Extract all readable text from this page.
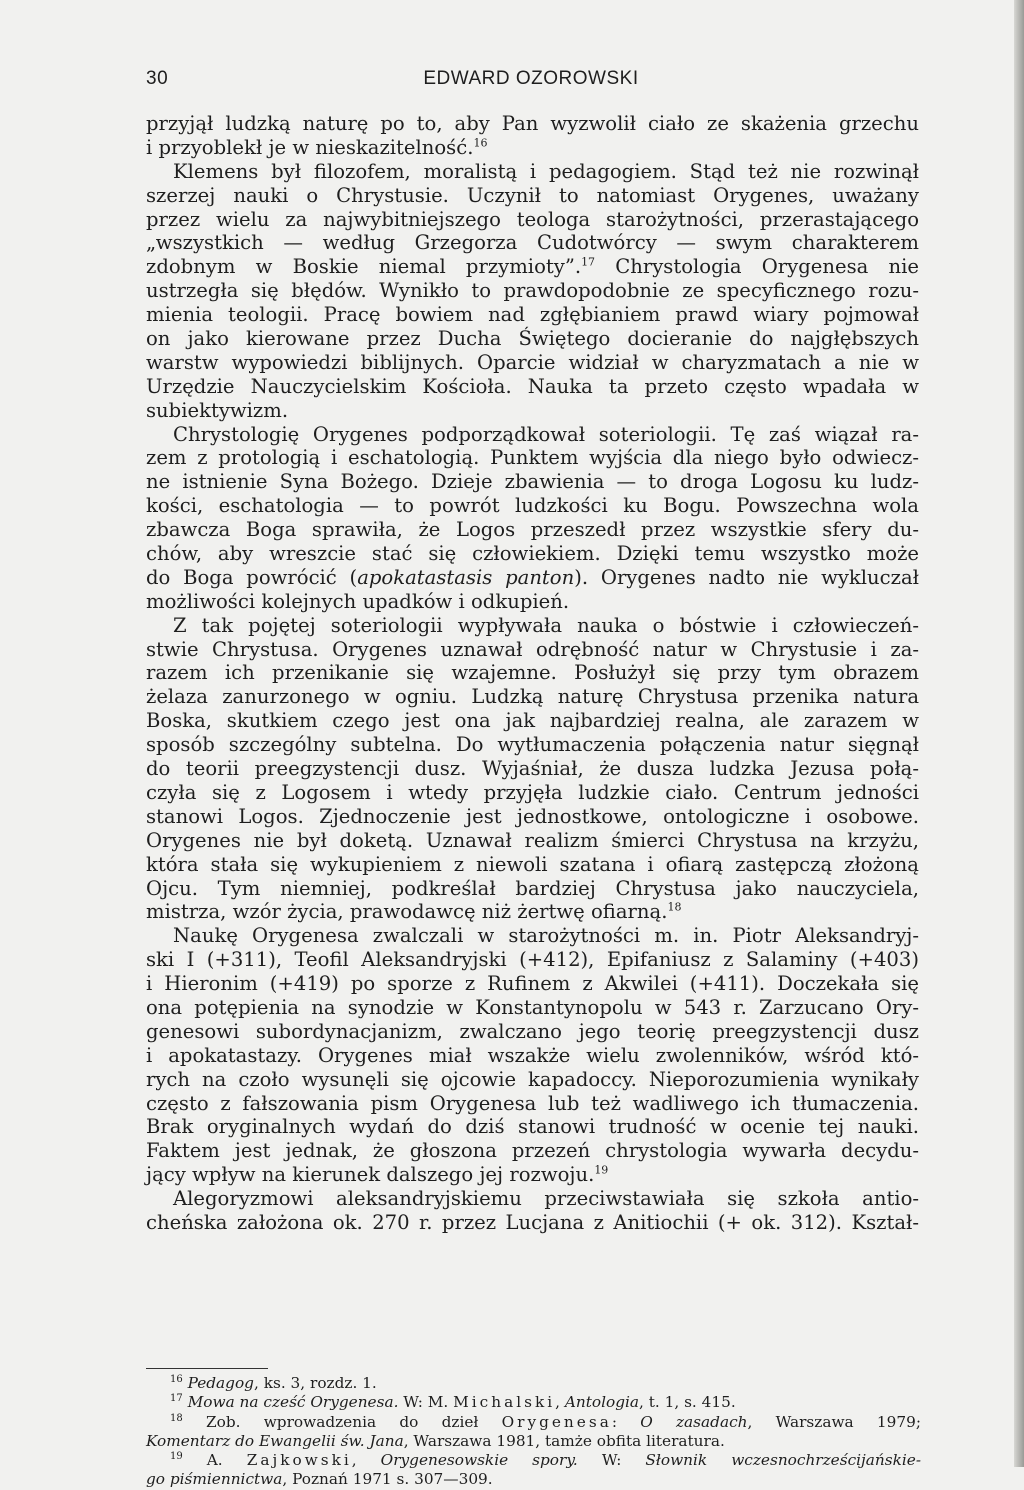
30	EDWARD OZOROWSKI
przyjął ludzką naturę po to, aby Pan wyzwolił ciało ze skażenia grzechu
i przyoblekł je w nieskazitelność.$^{16}$
Klemens był filozofem, moralistą i pedagogiem. Stąd też nie rozwinął
szerzej nauki o Chrystusie. Uczynił to natomiast Orygenes, uważany
przez wielu za najwybitniejszego teologa starożytności, przerastającego
„wszystkich — według Grzegorza Cudotwórcy — swym charakterem
zdobnym w Boskie niemal przymioty”.$^{17}$ Chrystologia Orygenesa nie
ustrzegła się błędów. Wynikło to prawdopodobnie ze specyficznego rozu-
mienia teologii. Pracę bowiem nad zgłębianiem prawd wiary pojmował
on jako kierowane przez Ducha Świętego docieranie do najgłębszych
warstw wypowiedzi biblijnych. Oparcie widział w charyzmatach a nie w
Urzędzie Nauczycielskim Kościoła. Nauka ta przeto często wpadała w
subiektywizm.
Chrystologię Orygenes podporządkował soteriologii. Tę zaś wiązał ra-
zem z protologią i eschatologią. Punktem wyjścia dla niego było odwiecz-
ne istnienie Syna Bożego. Dzieje zbawienia — to droga Logosu ku ludz-
kości, eschatologia — to powrót ludzkości ku Bogu. Powszechna wola
zbawcza Boga sprawiła, że Logos przeszedł przez wszystkie sfery du-
chów, aby wreszcie stać się człowiekiem. Dzięki temu wszystko może
do Boga powrócić (apokatastasis panton). Orygenes nadto nie wykluczał
możliwości kolejnych upadków i odkupień.
Z tak pojętej soteriologii wypływała nauka o bóstwie i człowieczeń-
stwie Chrystusa. Orygenes uznawał odrębność natur w Chrystusie i za-
razem ich przenikanie się wzajemne. Posłużył się przy tym obrazem
żelaza zanurzonego w ogniu. Ludzką naturę Chrystusa przenika natura
Boska, skutkiem czego jest ona jak najbardziej realna, ale zarazem w
sposób szczególny subtelna. Do wytłumaczenia połączenia natur sięgnął
do teorii preegzystencji dusz. Wyjaśniał, że dusza ludzka Jezusa połą-
czyła się z Logosem i wtedy przyjęła ludzkie ciało. Centrum jedności
stanowi Logos. Zjednoczenie jest jednostkowe, ontologiczne i osobowe.
Orygenes nie był doketą. Uznawał realizm śmierci Chrystusa na krzyżu,
która stała się wykupieniem z niewoli szatana i ofiarą zastępczą złożoną
Ojcu. Tym niemniej, podkreślał bardziej Chrystusa jako nauczyciela,
mistrza, wzór życia, prawodawcę niż żertwę ofiarną.$^{18}$
Naukę Orygenesa zwalczali w starożytności m. in. Piotr Aleksandryj-
ski I (+311), Teofil Aleksandryjski (+412), Epifaniusz z Salaminy (+403)
i Hieronim (+419) po sporze z Rufinem z Akwilei (+411). Doczekała się
ona potępienia na synodzie w Konstantynopolu w 543 r. Zarzucano Ory-
genesowi subordynacjanizm, zwalczano jego teorię preegzystencji dusz
i apokatastazy. Orygenes miał wszakże wielu zwolenników, wśród któ-
rych na czoło wysunęli się ojcowie kapadoccy. Nieporozumienia wynikały
często z fałszowania pism Orygenesa lub też wadliwego ich tłumaczenia.
Brak oryginalnych wydań do dziś stanowi trudność w ocenie tej nauki.
Faktem jest jednak, że głoszona przezeń chrystologia wywarła decydu-
jący wpływ na kierunek dalszego jej rozwoju.$^{19}$
Alegoryzmowi aleksandryjskiemu przeciwstawiała się szkoła antio-
cheńska założona ok. 270 r. przez Lucjana z Anitiochii (+ ok. 312). Kształ-
$^{16}$ Pedagog, ks. 3, rozdz. 1.
$^{17}$ Mowa na cześć Orygenesa. W: M. Michalski, Antologia, t. 1, s. 415.
$^{18}$ Zob. wprowadzenia do dzieł Orygenesa: O zasadach, Warszawa 1979;
Komentarz do Ewangelii św. Jana, Warszawa 1981, tamże obfita literatura.
$^{19}$ A. Zajkowski, Orygenesowskie spory. W: Słownik wczesnochrześcijańskie-
go piśmiennictwa, Poznań 1971 s. 307—309.
